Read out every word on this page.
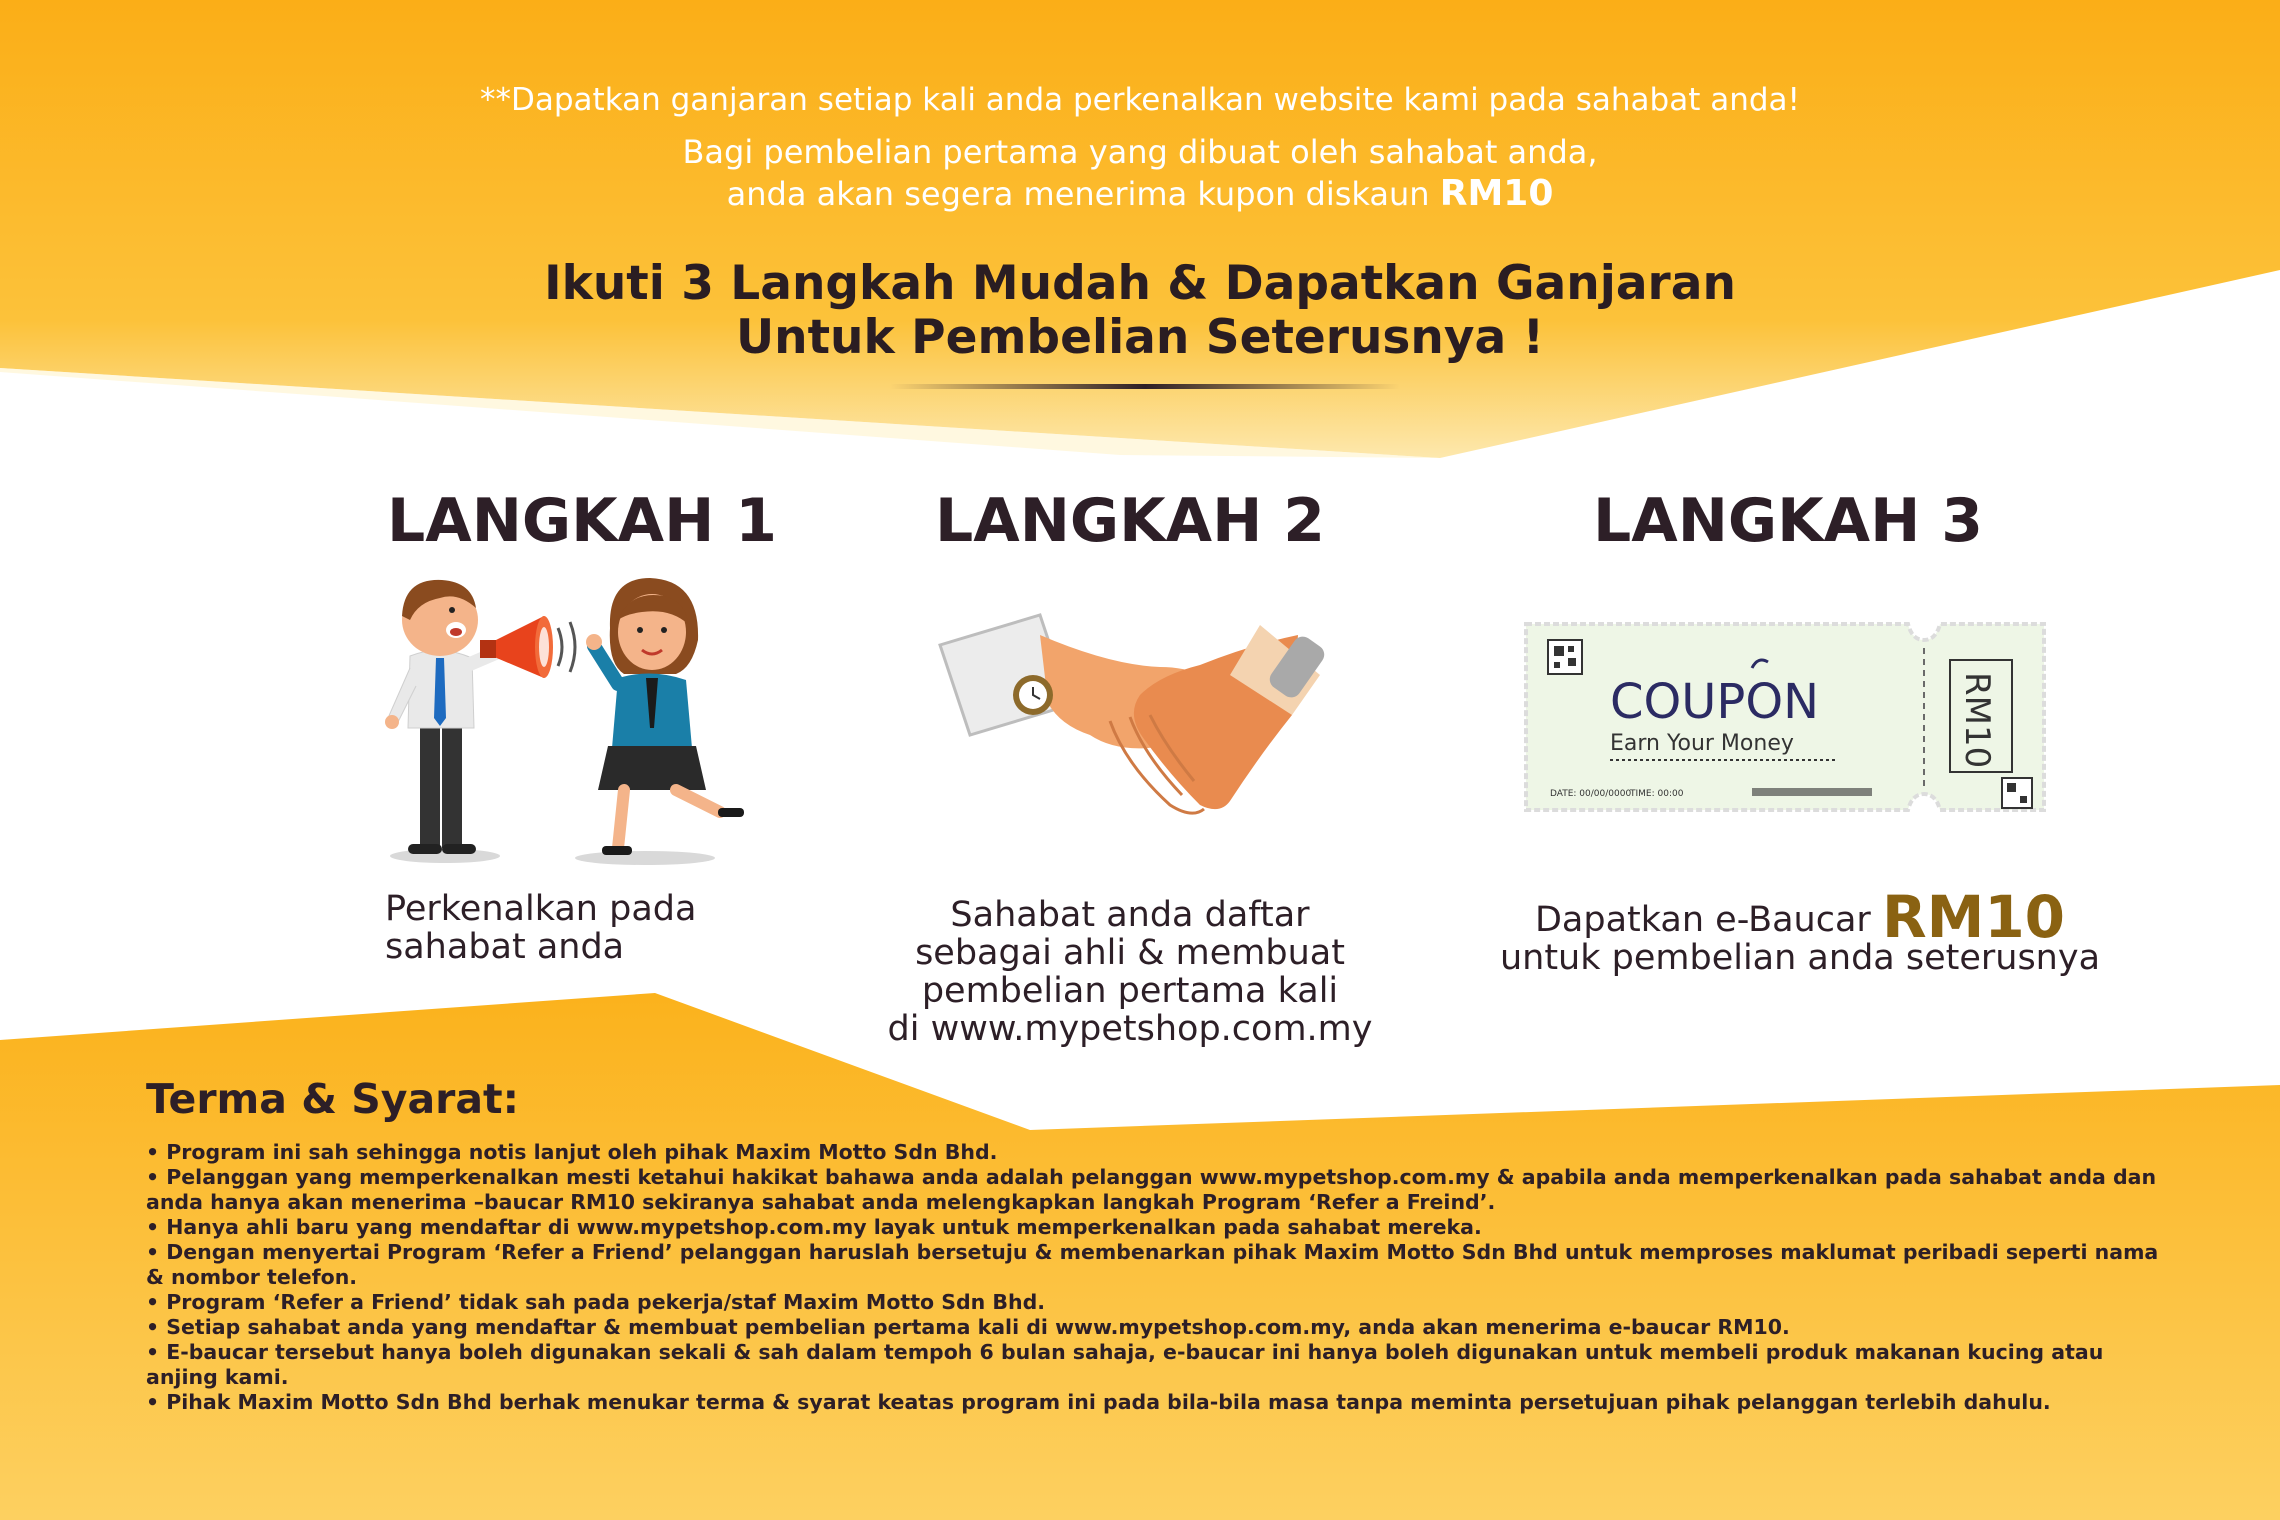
**Dapatkan ganjaran setiap kali anda perkenalkan website kami pada sahabat anda!
Bagi pembelian pertama yang dibuat oleh sahabat anda,
anda akan segera menerima kupon diskaun RM10
Ikuti 3 Langkah Mudah & Dapatkan Ganjaran
Untuk Pembelian Seterusnya !
LANGKAH 1	LANGKAH 2	LANGKAH 3
COUPON
Earn Your Money
DATE: 00/00/0000
TIME: 00:00
RM10
Perkenalkan pada
sahabat anda
Sahabat anda daftar
sebagai ahli & membuat
pembelian pertama kali
di www.mypetshop.com.my
Dapatkan e-Baucar RM10
untuk pembelian anda seterusnya
Terma & Syarat:
• Program ini sah sehingga notis lanjut oleh pihak Maxim Motto Sdn Bhd.
• Pelanggan yang memperkenalkan mesti ketahui hakikat bahawa anda adalah pelanggan www.mypetshop.com.my & apabila anda memperkenalkan pada sahabat anda dan anda hanya akan menerima –baucar RM10 sekiranya sahabat anda melengkapkan langkah Program ‘Refer a Freind’.
• Hanya ahli baru yang mendaftar di www.mypetshop.com.my layak untuk memperkenalkan pada sahabat mereka.
• Dengan menyertai Program ‘Refer a Friend’ pelanggan haruslah bersetuju & membenarkan pihak Maxim Motto Sdn Bhd untuk memproses maklumat peribadi seperti nama & nombor telefon.
• Program ‘Refer a Friend’ tidak sah pada pekerja/staf Maxim Motto Sdn Bhd.
• Setiap sahabat anda yang mendaftar & membuat pembelian pertama kali di www.mypetshop.com.my, anda akan menerima e-baucar RM10.
• E-baucar tersebut hanya boleh digunakan sekali & sah dalam tempoh 6 bulan sahaja, e-baucar ini hanya boleh digunakan untuk membeli produk makanan kucing atau anjing kami.
• Pihak Maxim Motto Sdn Bhd berhak menukar terma & syarat keatas program ini pada bila-bila masa tanpa meminta persetujuan pihak pelanggan terlebih dahulu.
